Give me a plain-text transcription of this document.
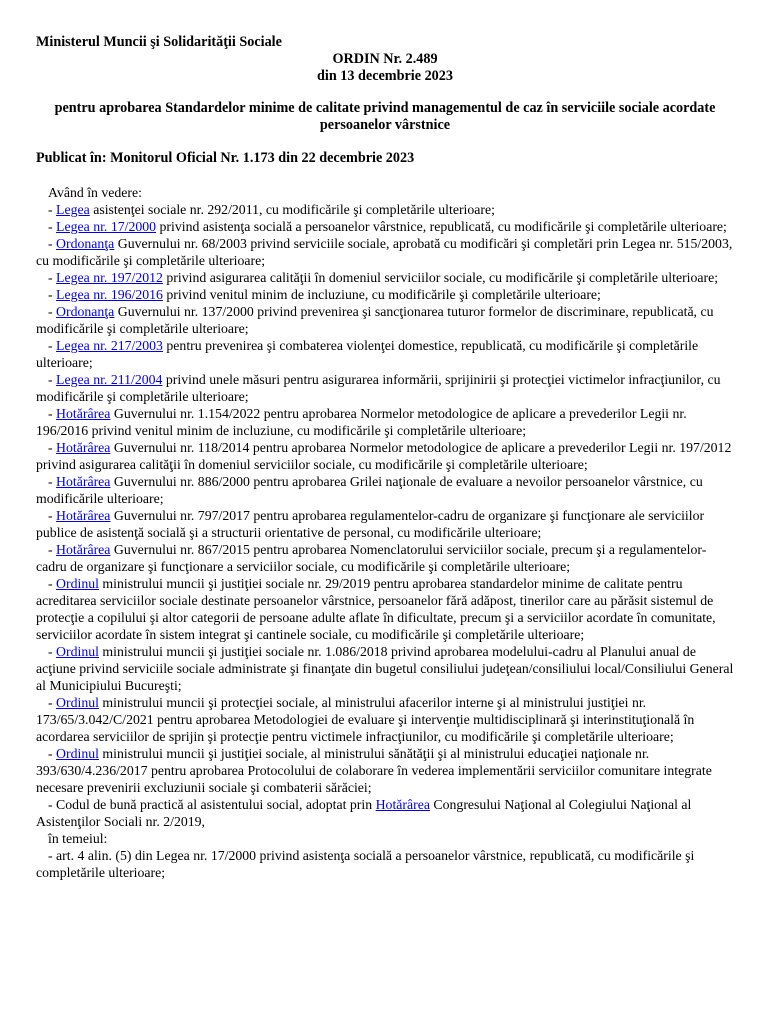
Ministerul Muncii şi Solidarităţii Sociale
ORDIN Nr. 2.489
din 13 decembrie 2023
pentru aprobarea Standardelor minime de calitate privind managementul de caz în serviciile sociale acordate persoanelor vârstnice
Publicat în: Monitorul Oficial Nr. 1.173 din 22 decembrie 2023

Având în vedere:

- Legea asistenţei sociale nr. 292/2011, cu modificările şi completările ulterioare;

- Legea nr. 17/2000 privind asistenţa socială a persoanelor vârstnice, republicată, cu modificările şi completările ulterioare;

- Ordonanţa Guvernului nr. 68/2003 privind serviciile sociale, aprobată cu modificări şi completări prin Legea nr. 515/2003, cu modificările şi completările ulterioare;

- Legea nr. 197/2012 privind asigurarea calităţii în domeniul serviciilor sociale, cu modificările şi completările ulterioare;

- Legea nr. 196/2016 privind venitul minim de incluziune, cu modificările şi completările ulterioare;

- Ordonanţa Guvernului nr. 137/2000 privind prevenirea şi sancţionarea tuturor formelor de discriminare, republicată, cu modificările şi completările ulterioare;

- Legea nr. 217/2003 pentru prevenirea şi combaterea violenţei domestice, republicată, cu modificările şi completările ulterioare;

- Legea nr. 211/2004 privind unele măsuri pentru asigurarea informării, sprijinirii şi protecţiei victimelor infracţiunilor, cu modificările şi completările ulterioare;

- Hotărârea Guvernului nr. 1.154/2022 pentru aprobarea Normelor metodologice de aplicare a prevederilor Legii nr. 196/2016 privind venitul minim de incluziune, cu modificările şi completările ulterioare;

- Hotărârea Guvernului nr. 118/2014 pentru aprobarea Normelor metodologice de aplicare a prevederilor Legii nr. 197/2012 privind asigurarea calităţii în domeniul serviciilor sociale, cu modificările şi completările ulterioare;

- Hotărârea Guvernului nr. 886/2000 pentru aprobarea Grilei naţionale de evaluare a nevoilor persoanelor vârstnice, cu modificările ulterioare;

- Hotărârea Guvernului nr. 797/2017 pentru aprobarea regulamentelor-cadru de organizare şi funcţionare ale serviciilor publice de asistenţă socială şi a structurii orientative de personal, cu modificările ulterioare;

- Hotărârea Guvernului nr. 867/2015 pentru aprobarea Nomenclatorului serviciilor sociale, precum şi a regulamentelor-cadru de organizare şi funcţionare a serviciilor sociale, cu modificările şi completările ulterioare;

- Ordinul ministrului muncii şi justiţiei sociale nr. 29/2019 pentru aprobarea standardelor minime de calitate pentru acreditarea serviciilor sociale destinate persoanelor vârstnice, persoanelor fără adăpost, tinerilor care au părăsit sistemul de protecţie a copilului şi altor categorii de persoane adulte aflate în dificultate, precum şi a serviciilor acordate în comunitate, serviciilor acordate în sistem integrat şi cantinele sociale, cu modificările şi completările ulterioare;

- Ordinul ministrului muncii şi justiţiei sociale nr. 1.086/2018 privind aprobarea modelului-cadru al Planului anual de acţiune privind serviciile sociale administrate şi finanţate din bugetul consiliului judeţean/consiliului local/Consiliului General al Municipiului Bucureşti;

- Ordinul ministrului muncii şi protecţiei sociale, al ministrului afacerilor interne şi al ministrului justiţiei nr. 173/65/3.042/C/2021 pentru aprobarea Metodologiei de evaluare şi intervenţie multidisciplinară şi interinstituţională în acordarea serviciilor de sprijin şi protecţie pentru victimele infracţiunilor, cu modificările şi completările ulterioare;

- Ordinul ministrului muncii şi justiţiei sociale, al ministrului sănătăţii şi al ministrului educaţiei naţionale nr. 393/630/4.236/2017 pentru aprobarea Protocolului de colaborare în vederea implementării serviciilor comunitare integrate necesare prevenirii excluziunii sociale şi combaterii sărăciei;

- Codul de bună practică al asistentului social, adoptat prin Hotărârea Congresului Naţional al Colegiului Naţional al Asistenţilor Sociali nr. 2/2019,

în temeiul:

- art. 4 alin. (5) din Legea nr. 17/2000 privind asistenţa socială a persoanelor vârstnice, republicată, cu modificările şi completările ulterioare;
